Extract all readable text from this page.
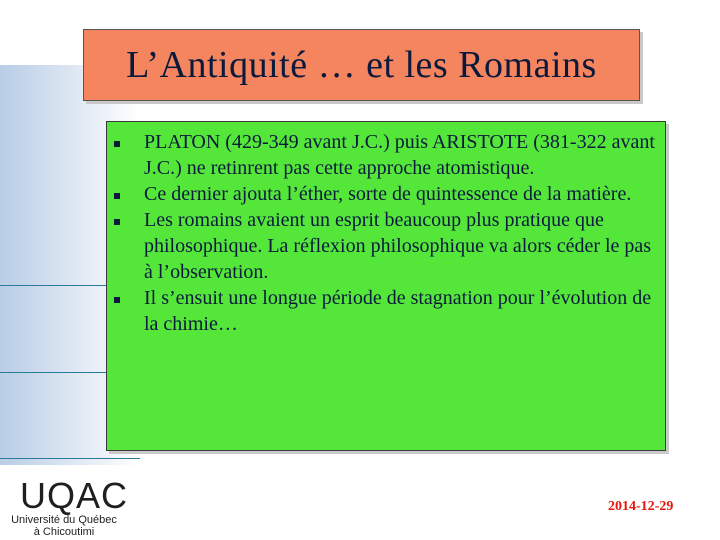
L’Antiquité … et les Romains
PLATON (429-349 avant J.C.) puis ARISTOTE (381-322 avant J.C.) ne retinrent pas cette approche atomistique.
Ce dernier ajouta l’éther, sorte de quintessence de la matière.
Les romains avaient un esprit beaucoup plus pratique que philosophique. La réflexion philosophique va alors céder le pas à l’observation.
Il s’ensuit une longue période de stagnation pour l’évolution de la chimie…
UQAC
Université du Québec
à Chicoutimi
2014-12-29
